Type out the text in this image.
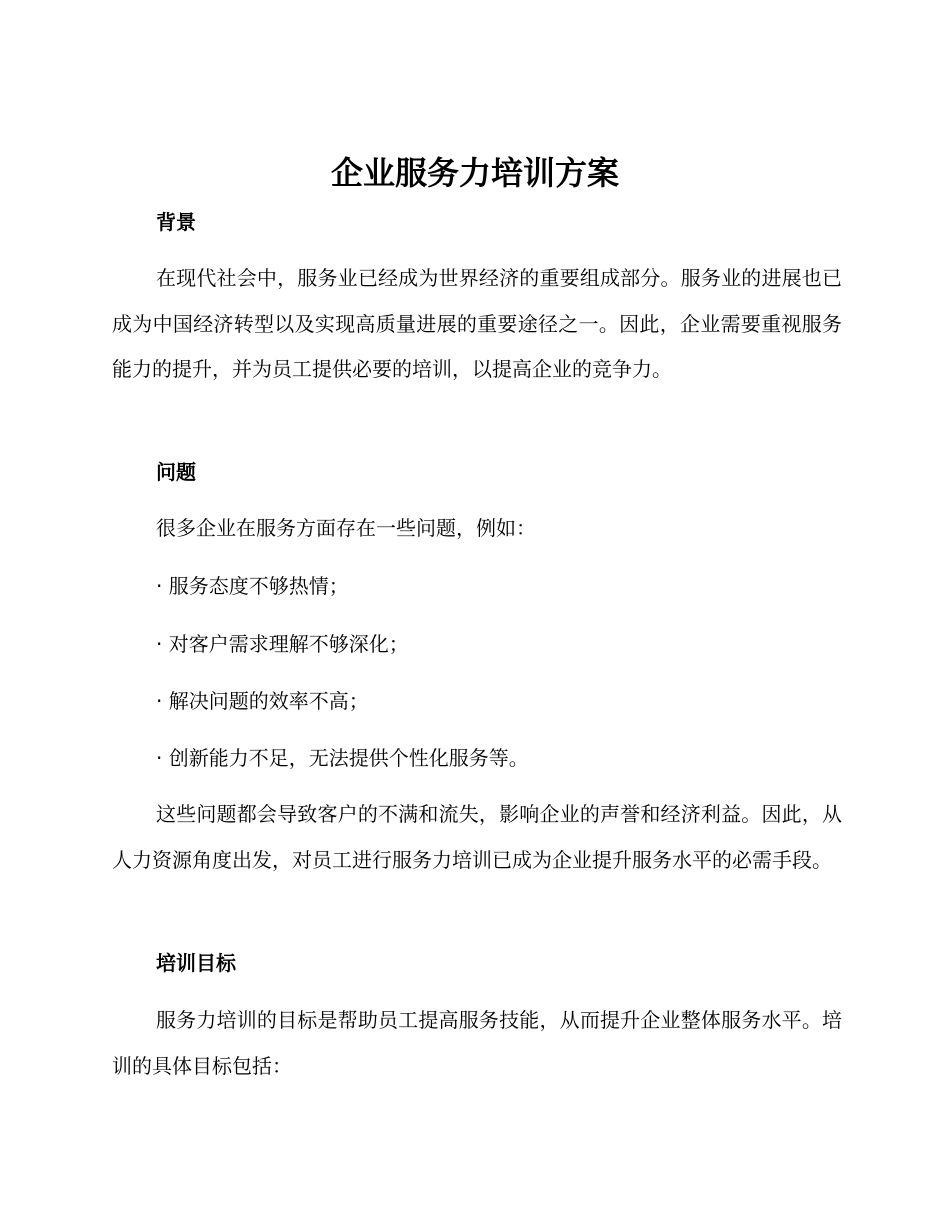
企业服务力培训方案
背景
在现代社会中，服务业已经成为世界经济的重要组成部分。服务业的进展也已成为中国经济转型以及实现高质量进展的重要途径之一。因此，企业需要重视服务能力的提升，并为员工提供必要的培训，以提高企业的竞争力。
问题
很多企业在服务方面存在一些问题，例如：
· 服务态度不够热情；
· 对客户需求理解不够深化；
· 解决问题的效率不高；
· 创新能力不足，无法提供个性化服务等。
这些问题都会导致客户的不满和流失，影响企业的声誉和经济利益。因此，从人力资源角度出发，对员工进行服务力培训已成为企业提升服务水平的必需手段。
培训目标
服务力培训的目标是帮助员工提高服务技能，从而提升企业整体服务水平。培训的具体目标包括：
